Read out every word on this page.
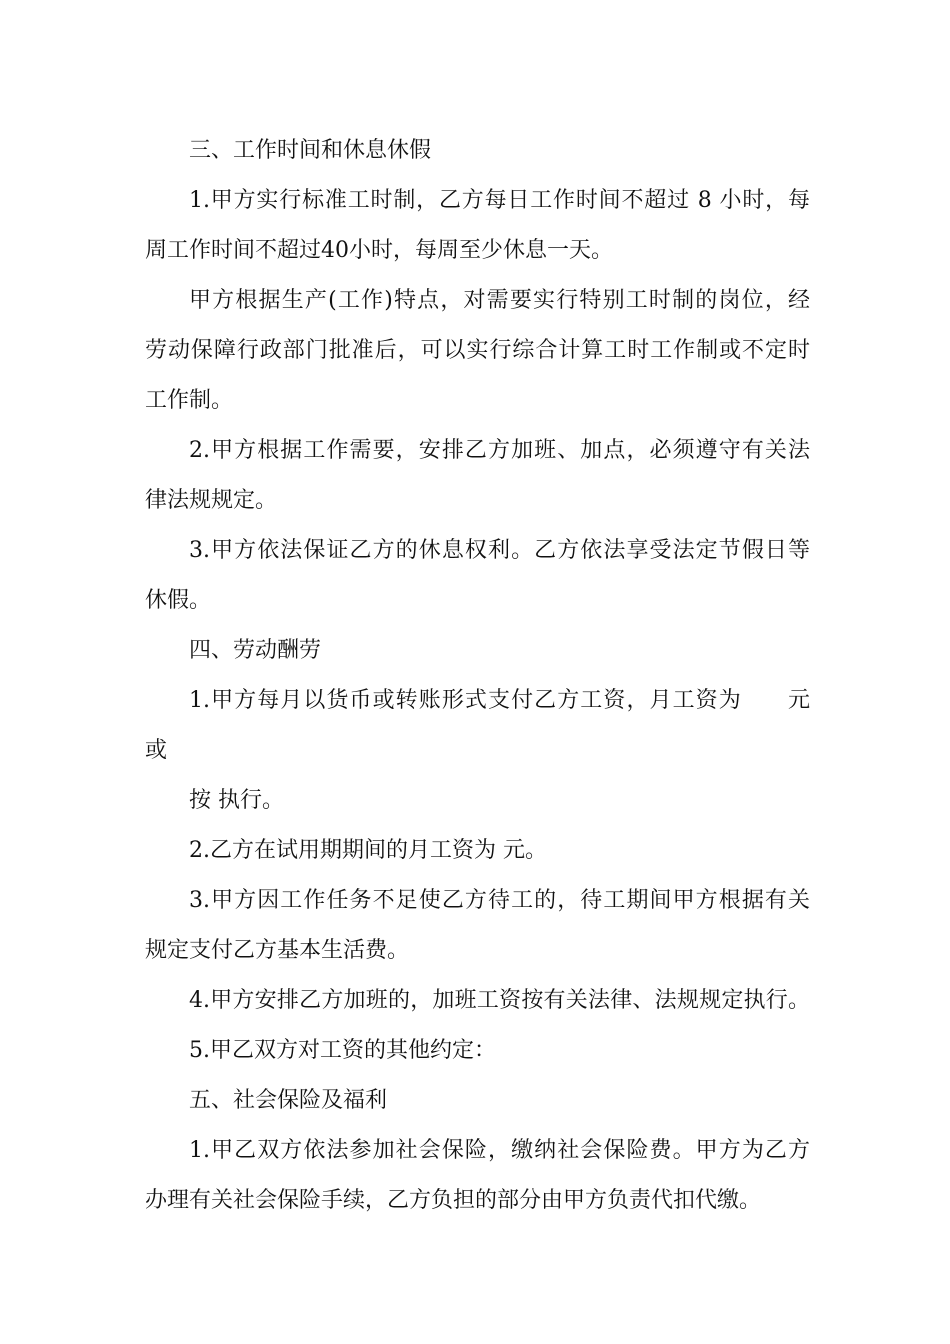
三、工作时间和休息休假
1.甲方实行标准工时制，乙方每日工作时间不超过 8 小时，每
周工作时间不超过40小时，每周至少休息一天。
甲方根据生产(工作)特点，对需要实行特别工时制的岗位，经
劳动保障行政部门批准后，可以实行综合计算工时工作制或不定时
工作制。
2.甲方根据工作需要，安排乙方加班、加点，必须遵守有关法
律法规规定。
3.甲方依法保证乙方的休息权利。乙方依法享受法定节假日等
休假。
四、劳动酬劳
1.甲方每月以货币或转账形式支付乙方工资，月工资为　　元
或
按 执行。
2.乙方在试用期期间的月工资为 元。
3.甲方因工作任务不足使乙方待工的，待工期间甲方根据有关
规定支付乙方基本生活费。
4.甲方安排乙方加班的，加班工资按有关法律、法规规定执行。
5.甲乙双方对工资的其他约定：
五、社会保险及福利
1.甲乙双方依法参加社会保险，缴纳社会保险费。甲方为乙方
办理有关社会保险手续，乙方负担的部分由甲方负责代扣代缴。
